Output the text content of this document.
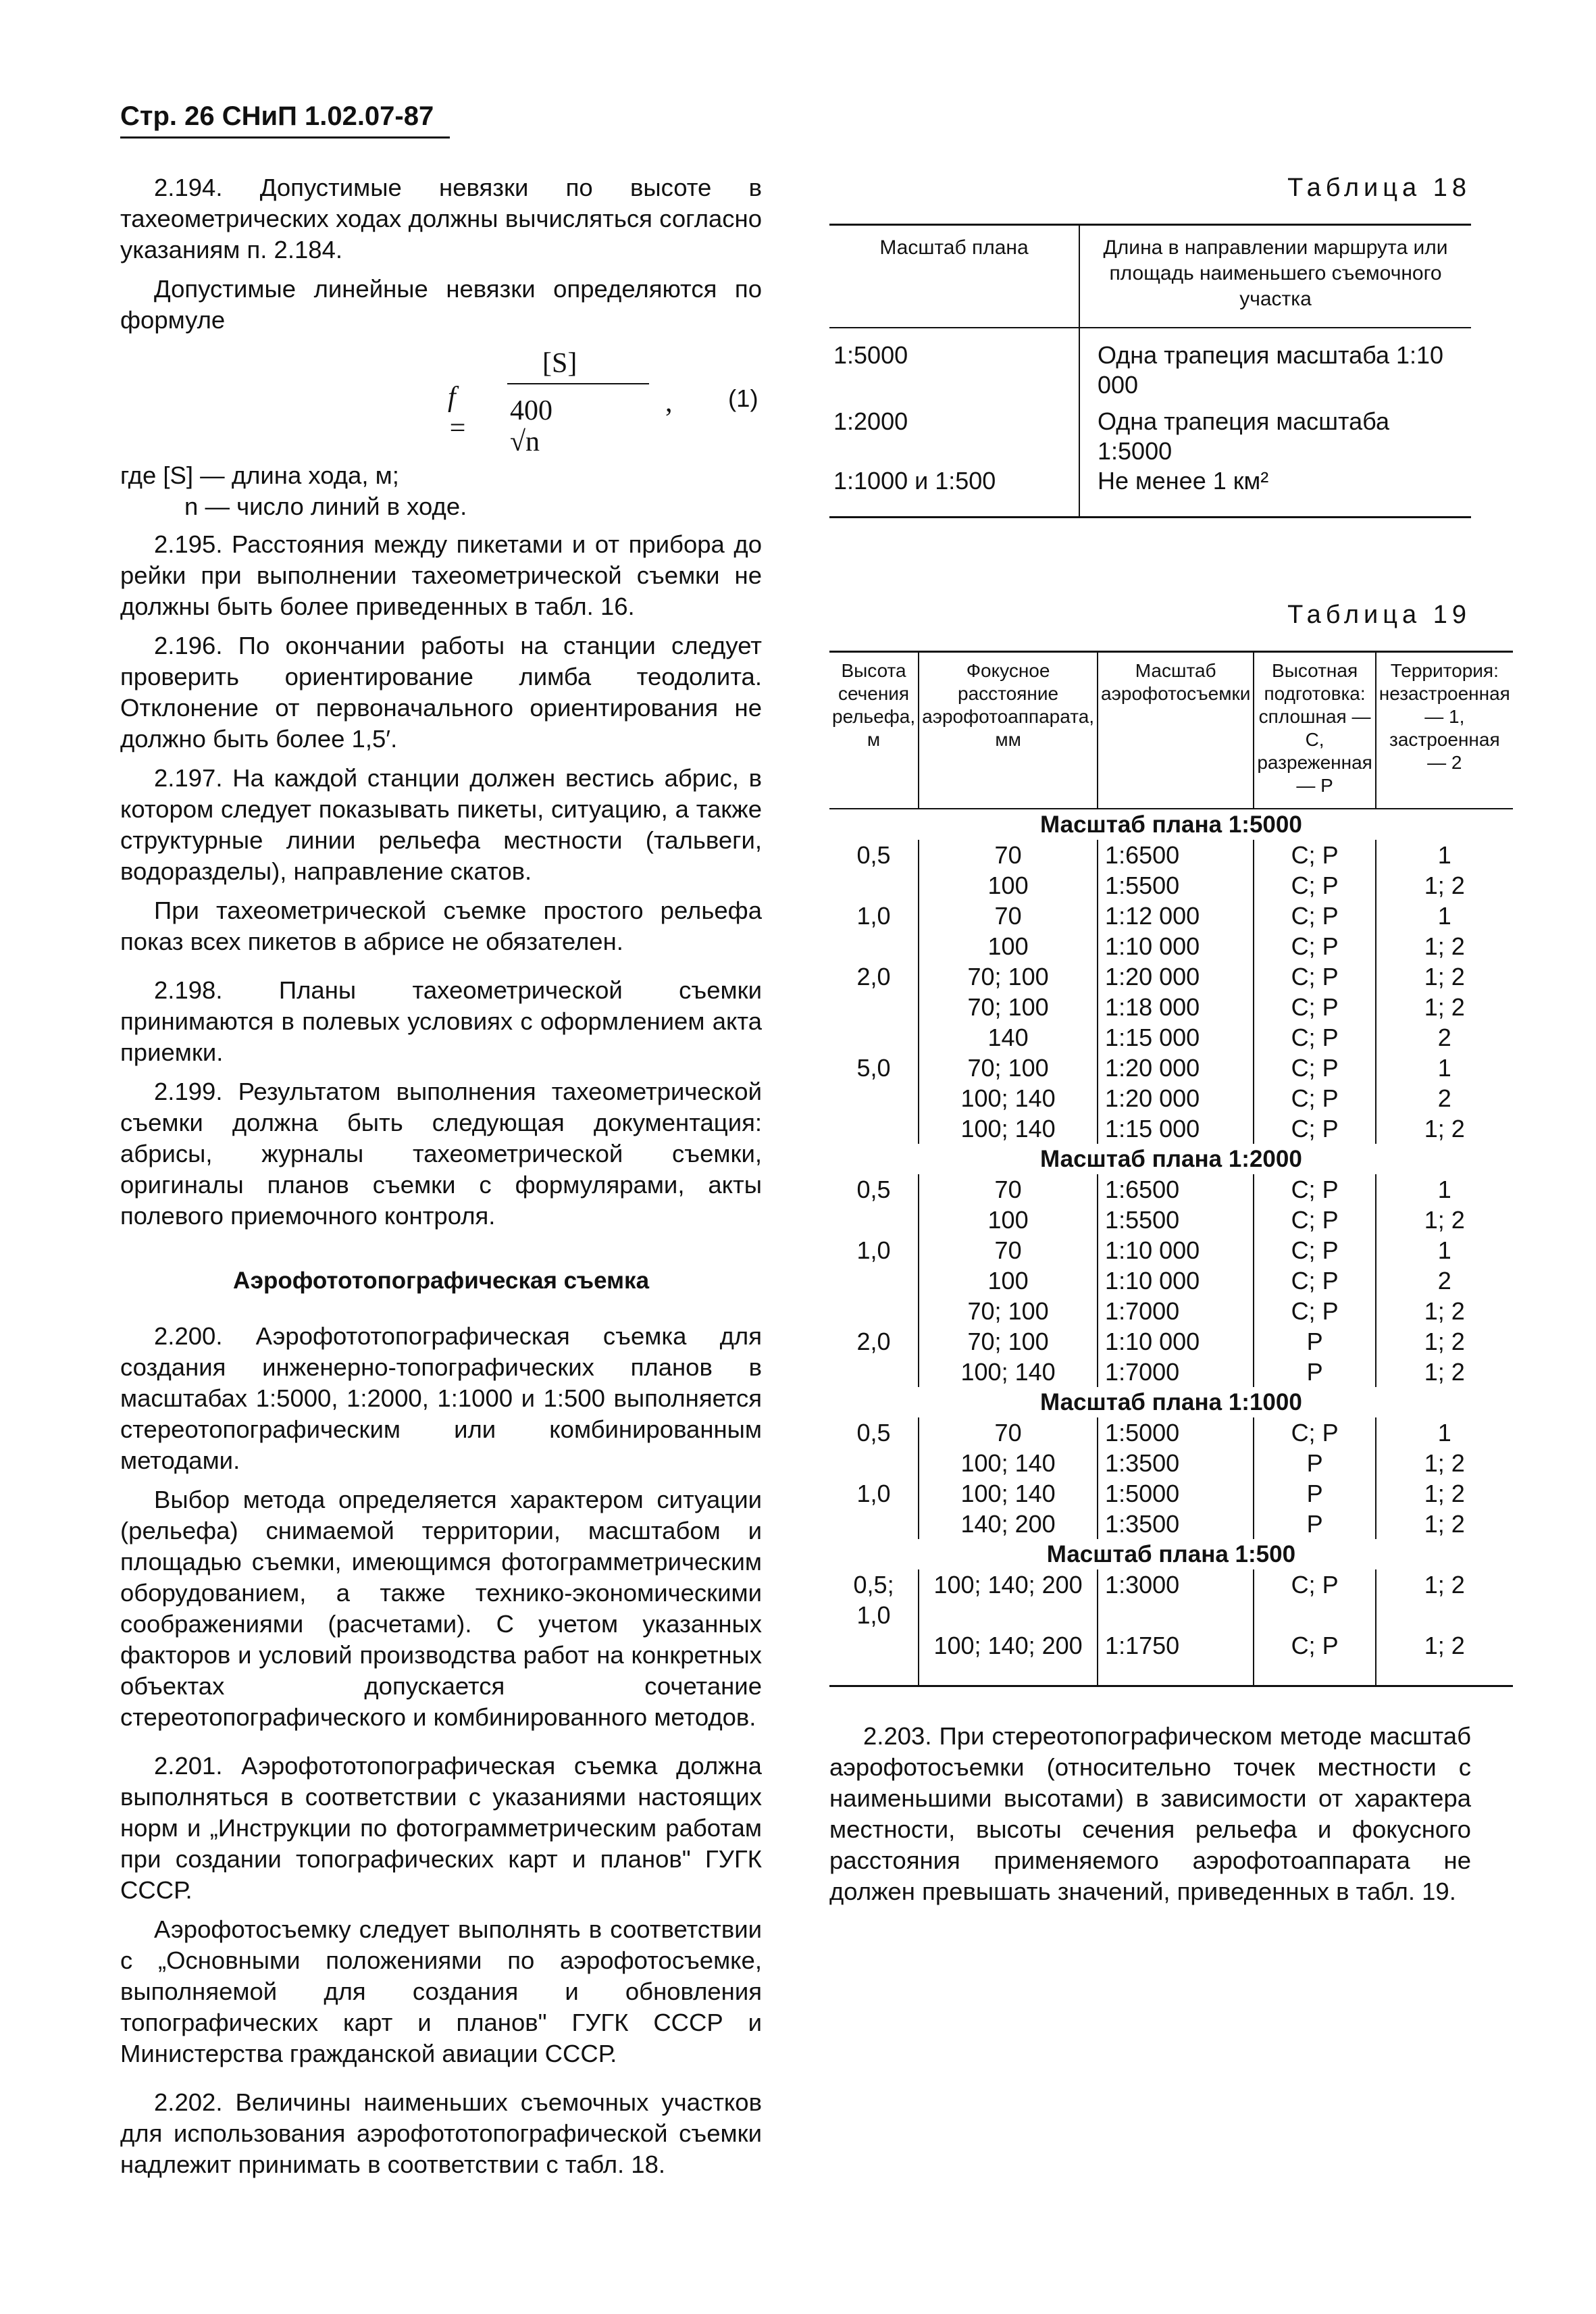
Стр. 26 СНиП 1.02.07-87

2.194. Допустимые невязки по высоте в тахеометрических ходах должны вычисляться согласно указаниям п. 2.184.

Допустимые линейные невязки определяются по формуле

f =
[S]
400 √n
, (1)
где [S] — длина хода, м;
n — число линий в ходе.

2.195. Расстояния между пикетами и от прибора до рейки при выполнении тахеометрической съемки не должны быть более приведенных в табл. 16.

2.196. По окончании работы на станции следует проверить ориентирование лимба теодолита. Отклонение от первоначального ориентирования не должно быть более 1,5′.

2.197. На каждой станции должен вестись абрис, в котором следует показывать пикеты, ситуацию, а также структурные линии рельефа местности (тальвеги, водоразделы), направление скатов.

При тахеометрической съемке простого рельефа показ всех пикетов в абрисе не обязателен.

2.198. Планы тахеометрической съемки принимаются в полевых условиях с оформлением акта приемки.

2.199. Результатом выполнения тахеометрической съемки должна быть следующая документация: абрисы, журналы тахеометрической съемки, оригиналы планов съемки с формулярами, акты полевого приемочного контроля.

Аэрофототопографическая съемка

2.200. Аэрофототопографическая съемка для создания инженерно-топографических планов в масштабах 1:5000, 1:2000, 1:1000 и 1:500 выполняется стереотопографическим или комбинированным методами.

Выбор метода определяется характером ситуации (рельефа) снимаемой территории, масштабом и площадью съемки, имеющимся фотограмметрическим оборудованием, а также технико-экономическими соображениями (расчетами). С учетом указанных факторов и условий производства работ на конкретных объектах допускается сочетание стереотопографического и комбинированного методов.

2.201. Аэрофототопографическая съемка должна выполняться в соответствии с указаниями настоящих норм и „Инструкции по фотограмметрическим работам при создании топографических карт и планов" ГУГК СССР.

Аэрофотосъемку следует выполнять в соответствии с „Основными положениями по аэрофотосъемке, выполняемой для создания и обновления топографических карт и планов" ГУГК СССР и Министерства гражданской авиации СССР.

2.202. Величины наименьших съемочных участков для использования аэрофототопографической съемки надлежит принимать в соответствии с табл. 18.

Таблица 18
Масштаб плана	Длина в направлении маршрута или площадь наименьшего съемочного участка

1:5000	Одна трапеция масштаба 1:10 000

1:2000	Одна трапеция масштаба 1:5000
1:1000 и 1:500	Не менее 1 км²

Таблица 19
Высота сечения рельефа, м	Фокусное расстояние аэрофотоаппарата, мм	Масштаб аэрофотосъемки	Высотная подготовка: сплошная — С, разреженная — Р	Территория: незастроенная — 1, застроенная — 2
Масштаб плана 1:5000				
0,5	70	1:6500	С; Р	1
	100	1:5500	С; Р	1; 2
1,0	70	1:12 000	С; Р	1
	100	1:10 000	С; Р	1; 2
2,0	70; 100	1:20 000	С; Р	1; 2
	70; 100	1:18 000	С; Р	1; 2
	140	1:15 000	С; Р	2
5,0	70; 100	1:20 000	С; Р	1
	100; 140	1:20 000	С; Р	2
	100; 140	1:15 000	С; Р	1; 2
Масштаб плана 1:2000				
0,5	70	1:6500	С; Р	1
	100	1:5500	С; Р	1; 2
1,0	70	1:10 000	С; Р	1
	100	1:10 000	С; Р	2
	70; 100	1:7000	С; Р	1; 2
2,0	70; 100	1:10 000	Р	1; 2
	100; 140	1:7000	Р	1; 2
Масштаб плана 1:1000				
0,5	70	1:5000	С; Р	1
	100; 140	1:3500	Р	1; 2
1,0	100; 140	1:5000	Р	1; 2
	140; 200	1:3500	Р	1; 2
Масштаб плана 1:500				
0,5; 1,0	100; 140; 200	1:3000	С; Р	1; 2
	100; 140; 200	1:1750	С; Р	1; 2

2.203. При стереотопографическом методе масштаб аэрофотосъемки (относительно точек местности с наименьшими высотами) в зависимости от характера местности, высоты сечения рельефа и фокусного расстояния применяемого аэрофотоаппарата не должен превышать значений, приведенных в табл. 19.
